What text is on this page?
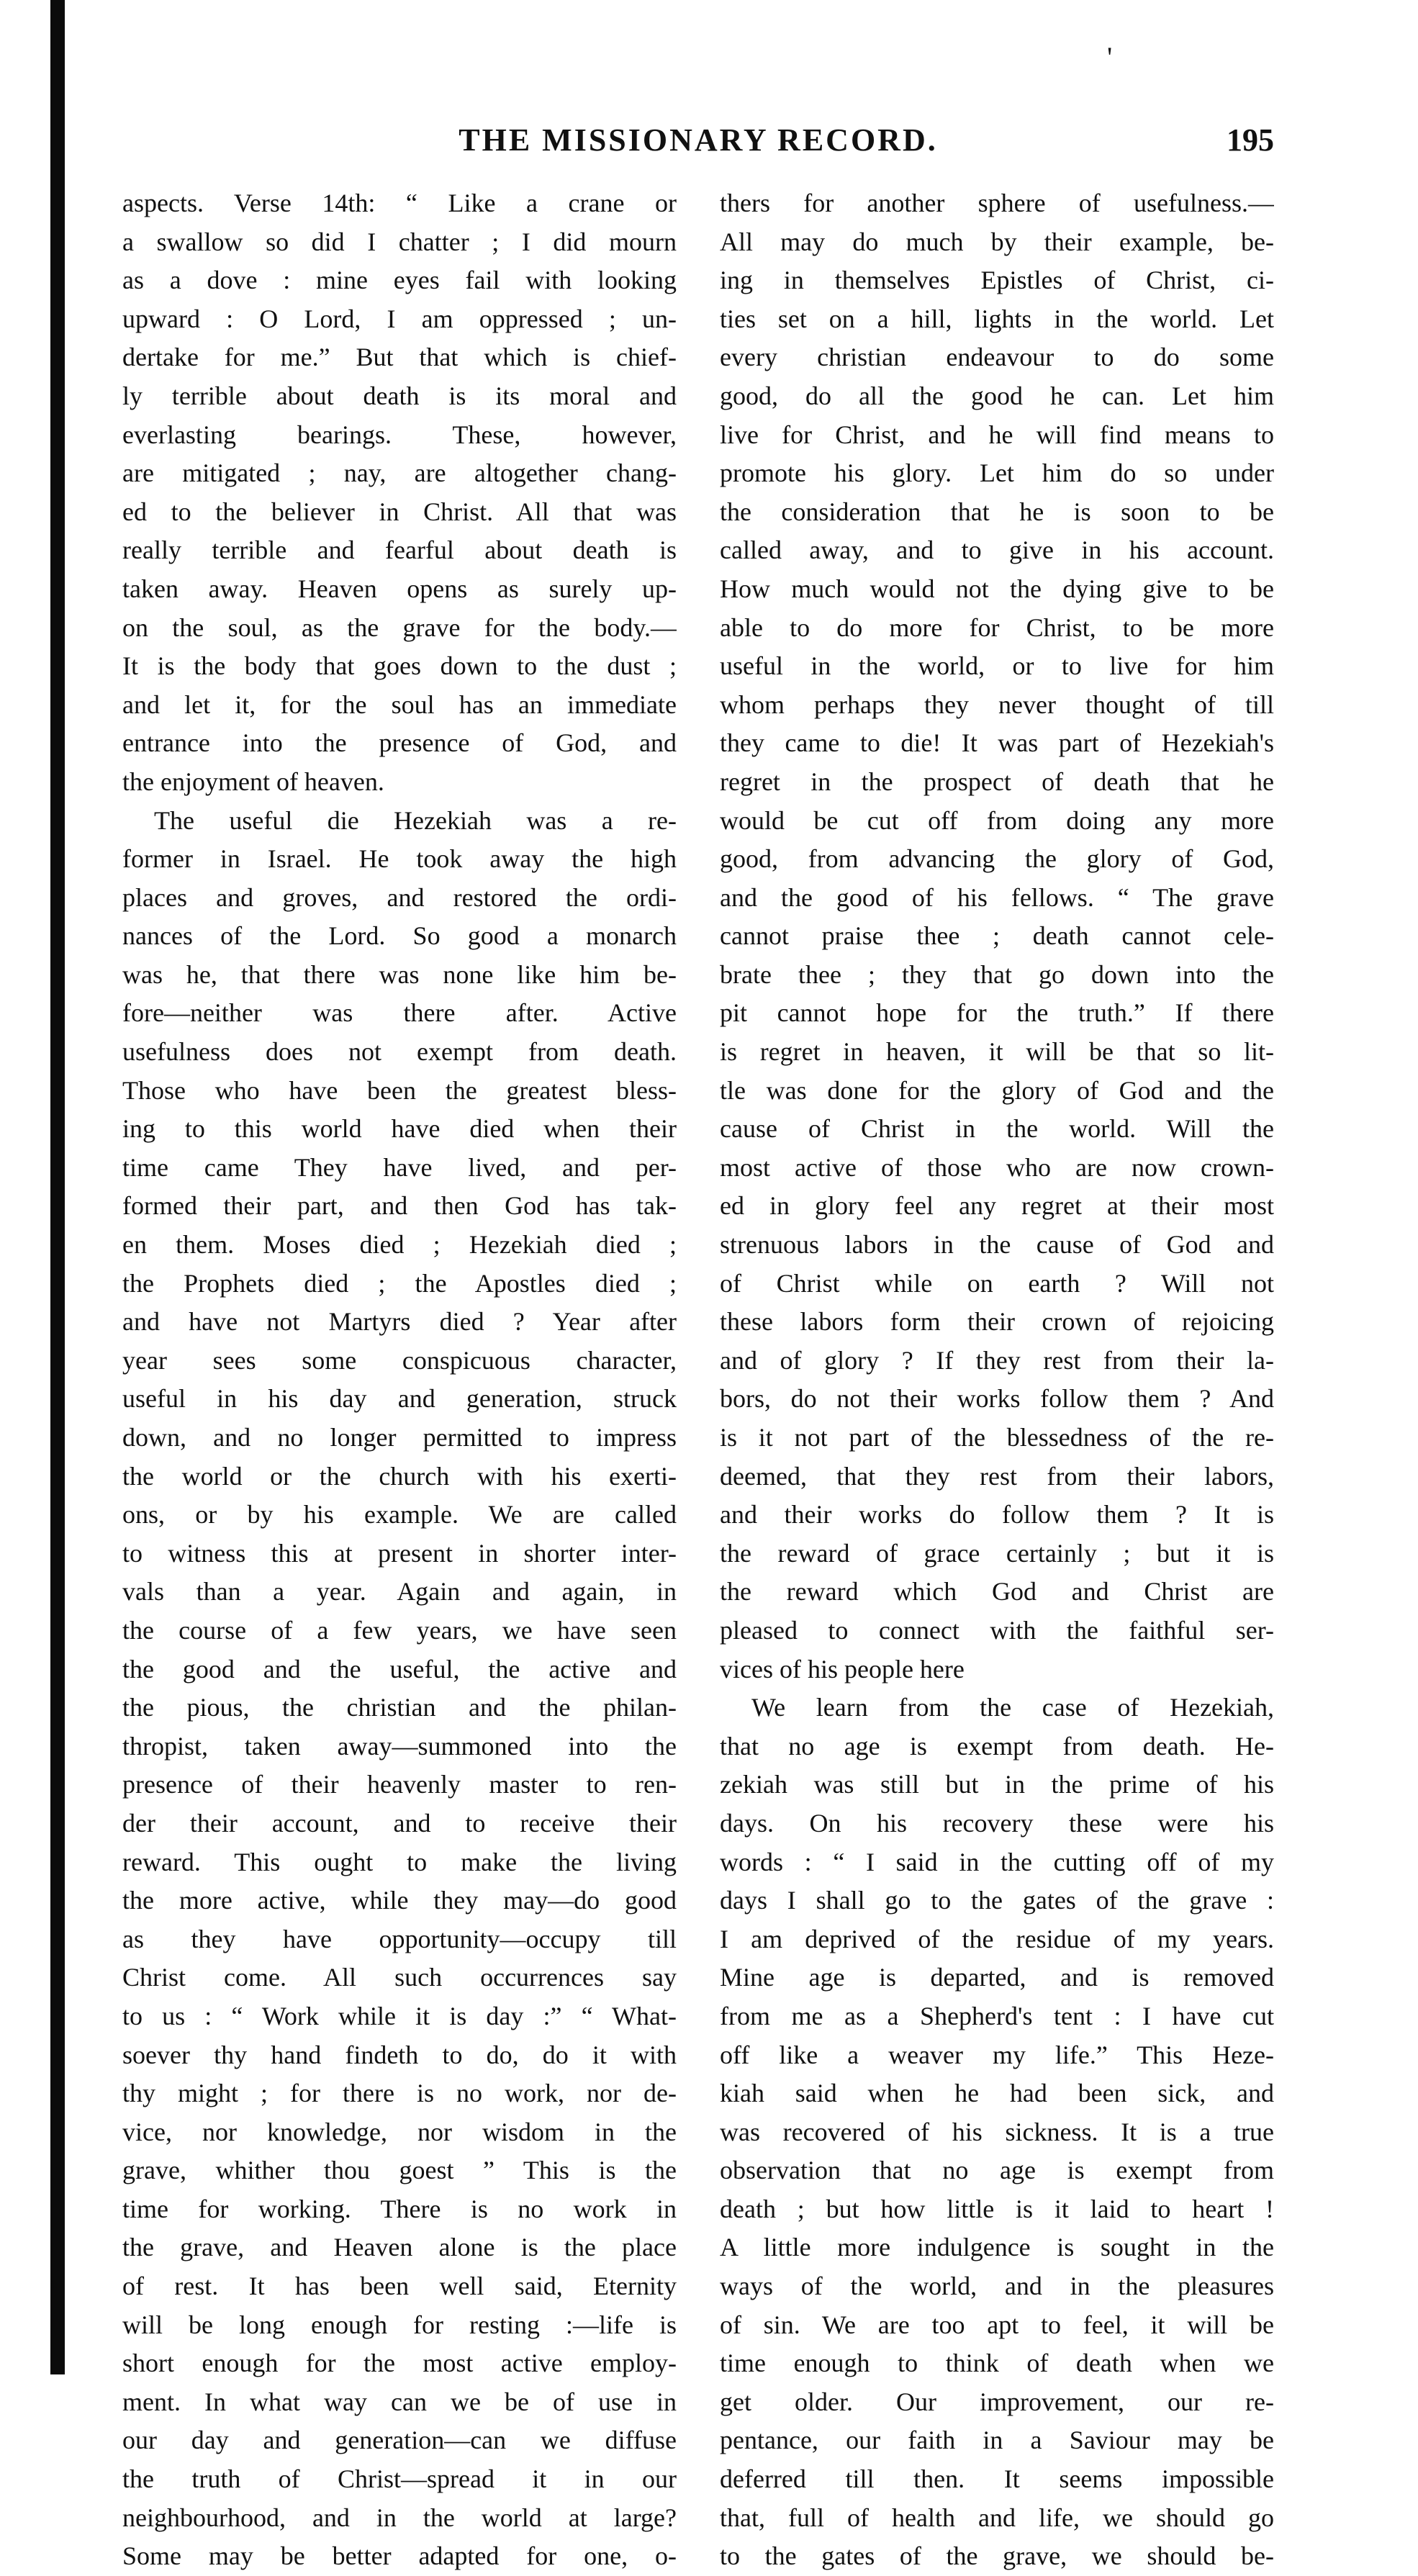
'
THE MISSIONARY RECORD.	195
aspects. Verse 14th: “ Like a crane or
a swallow so did I chatter ; I did mourn
as a dove : mine eyes fail with looking
upward : O Lord, I am oppressed ; un-
dertake for me.” But that which is chief-
ly terrible about death is its moral and
everlasting bearings. These, however,
are mitigated ; nay, are altogether chang-
ed to the believer in Christ. All that was
really terrible and fearful about death is
taken away. Heaven opens as surely up-
on the soul, as the grave for the body.—
It is the body that goes down to the dust ;
and let it, for the soul has an immediate
entrance into the presence of God, and
the enjoyment of heaven.
The useful die Hezekiah was a re-
former in Israel. He took away the high
places and groves, and restored the ordi-
nances of the Lord. So good a monarch
was he, that there was none like him be-
fore—neither was there after. Active
usefulness does not exempt from death.
Those who have been the greatest bless-
ing to this world have died when their
time came They have lived, and per-
formed their part, and then God has tak-
en them. Moses died ; Hezekiah died ;
the Prophets died ; the Apostles died ;
and have not Martyrs died ? Year after
year sees some conspicuous character,
useful in his day and generation, struck
down, and no longer permitted to impress
the world or the church with his exerti-
ons, or by his example. We are called
to witness this at present in shorter inter-
vals than a year. Again and again, in
the course of a few years, we have seen
the good and the useful, the active and
the pious, the christian and the philan-
thropist, taken away—summoned into the
presence of their heavenly master to ren-
der their account, and to receive their
reward. This ought to make the living
the more active, while they may—do good
as they have opportunity—occupy till
Christ come. All such occurrences say
to us : “ Work while it is day :” “ What-
soever thy hand findeth to do, do it with
thy might ; for there is no work, nor de-
vice, nor knowledge, nor wisdom in the
grave, whither thou goest ” This is the
time for working. There is no work in
the grave, and Heaven alone is the place
of rest. It has been well said, Eternity
will be long enough for resting :—life is
short enough for the most active employ-
ment. In what way can we be of use in
our day and generation—can we diffuse
the truth of Christ—spread it in our
neighbourhood, and in the world at large?
Some may be better adapted for one, o-
thers for another sphere of usefulness.—
All may do much by their example, be-
ing in themselves Epistles of Christ, ci-
ties set on a hill, lights in the world. Let
every christian endeavour to do some
good, do all the good he can. Let him
live for Christ, and he will find means to
promote his glory. Let him do so under
the consideration that he is soon to be
called away, and to give in his account.
How much would not the dying give to be
able to do more for Christ, to be more
useful in the world, or to live for him
whom perhaps they never thought of till
they came to die! It was part of Hezekiah's
regret in the prospect of death that he
would be cut off from doing any more
good, from advancing the glory of God,
and the good of his fellows. “ The grave
cannot praise thee ; death cannot cele-
brate thee ; they that go down into the
pit cannot hope for the truth.” If there
is regret in heaven, it will be that so lit-
tle was done for the glory of God and the
cause of Christ in the world. Will the
most active of those who are now crown-
ed in glory feel any regret at their most
strenuous labors in the cause of God and
of Christ while on earth ? Will not
these labors form their crown of rejoicing
and of glory ? If they rest from their la-
bors, do not their works follow them ? And
is it not part of the blessedness of the re-
deemed, that they rest from their labors,
and their works do follow them ? It is
the reward of grace certainly ; but it is
the reward which God and Christ are
pleased to connect with the faithful ser-
vices of his people here
We learn from the case of Hezekiah,
that no age is exempt from death. He-
zekiah was still but in the prime of his
days. On his recovery these were his
words : “ I said in the cutting off of my
days I shall go to the gates of the grave :
I am deprived of the residue of my years.
Mine age is departed, and is removed
from me as a Shepherd's tent : I have cut
off like a weaver my life.” This Heze-
kiah said when he had been sick, and
was recovered of his sickness. It is a true
observation that no age is exempt from
death ; but how little is it laid to heart !
A little more indulgence is sought in the
ways of the world, and in the pleasures
of sin. We are too apt to feel, it will be
time enough to think of death when we
get older. Our improvement, our re-
pentance, our faith in a Saviour may be
deferred till then. It seems impossible
that, full of health and life, we should go
to the gates of the grave, we should be-
